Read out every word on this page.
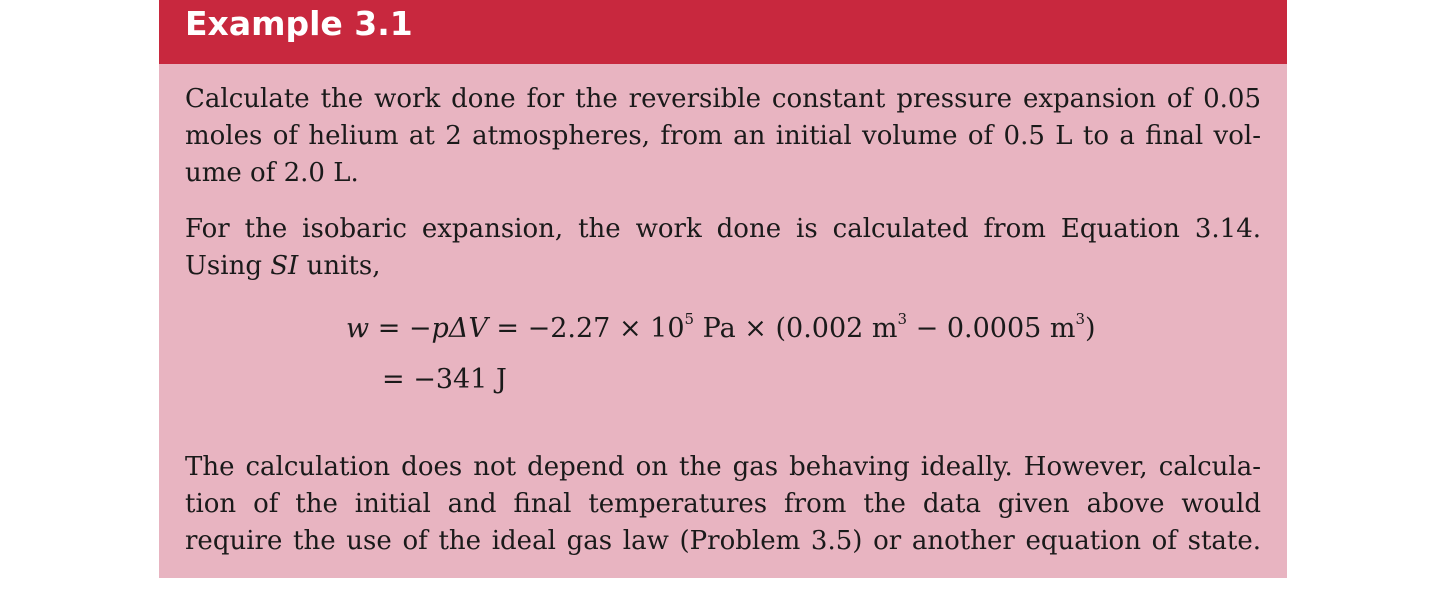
Example 3.1
Calculate the work done for the reversible constant pressure expansion of 0.05
moles of helium at 2 atmospheres, from an initial volume of 0.5 L to a final vol-
ume of 2.0 L.
For the isobaric expansion, the work done is calculated from Equation 3.14.
Using SI units,
$w = -p\Delta V = -2.27 \times 10^5$ Pa × (0.002 $m^3 - 0.0005$ $m^3$)
= −341 J
The calculation does not depend on the gas behaving ideally. However, calcula-
tion of the initial and final temperatures from the data given above would
require the use of the ideal gas law (Problem 3.5) or another equation of state.
